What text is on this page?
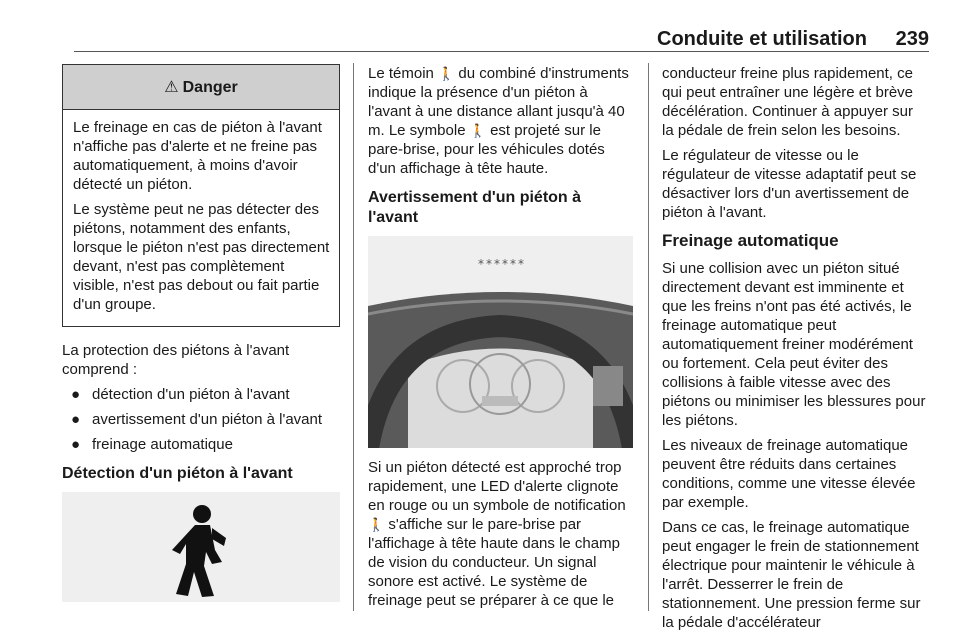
Conduite et utilisation 239
⚠ Danger

Le freinage en cas de piéton à l'avant n'affiche pas d'alerte et ne freine pas automatiquement, à moins d'avoir détecté un piéton.

Le système peut ne pas détecter des piétons, notamment des enfants, lorsque le piéton n'est pas directement devant, n'est pas complètement visible, n'est pas debout ou fait partie d'un groupe.

La protection des piétons à l'avant comprend :

● détection d'un piéton à l'avant
● avertissement d'un piéton à l'avant
● freinage automatique
Détection d'un piéton à l'avant

Le témoin 🚶 du combiné d'instruments indique la présence d'un piéton à l'avant à une distance allant jusqu'à 40 m. Le symbole 🚶 est projeté sur le pare-brise, pour les véhicules dotés d'un affichage à tête haute.

Avertissement d'un piéton à l'avant
******

Si un piéton détecté est approché trop rapidement, une LED d'alerte clignote en rouge ou un symbole de notification 🚶 s'affiche sur le pare-brise par l'affichage à tête haute dans le champ de vision du conducteur. Un signal sonore est activé. Le système de freinage peut se préparer à ce que le

conducteur freine plus rapidement, ce qui peut entraîner une légère et brève décélération. Continuer à appuyer sur la pédale de frein selon les besoins.

Le régulateur de vitesse ou le régulateur de vitesse adaptatif peut se désactiver lors d'un avertissement de piéton à l'avant.

Freinage automatique

Si une collision avec un piéton situé directement devant est imminente et que les freins n'ont pas été activés, le freinage automatique peut automatiquement freiner modérément ou fortement. Cela peut éviter des collisions à faible vitesse avec des piétons ou minimiser les blessures pour les piétons.

Les niveaux de freinage automatique peuvent être réduits dans certaines conditions, comme une vitesse élevée par exemple.

Dans ce cas, le freinage automatique peut engager le frein de stationnement électrique pour maintenir le véhicule à l'arrêt. Desserrer le frein de stationnement. Une pression ferme sur la pédale d'accélérateur
